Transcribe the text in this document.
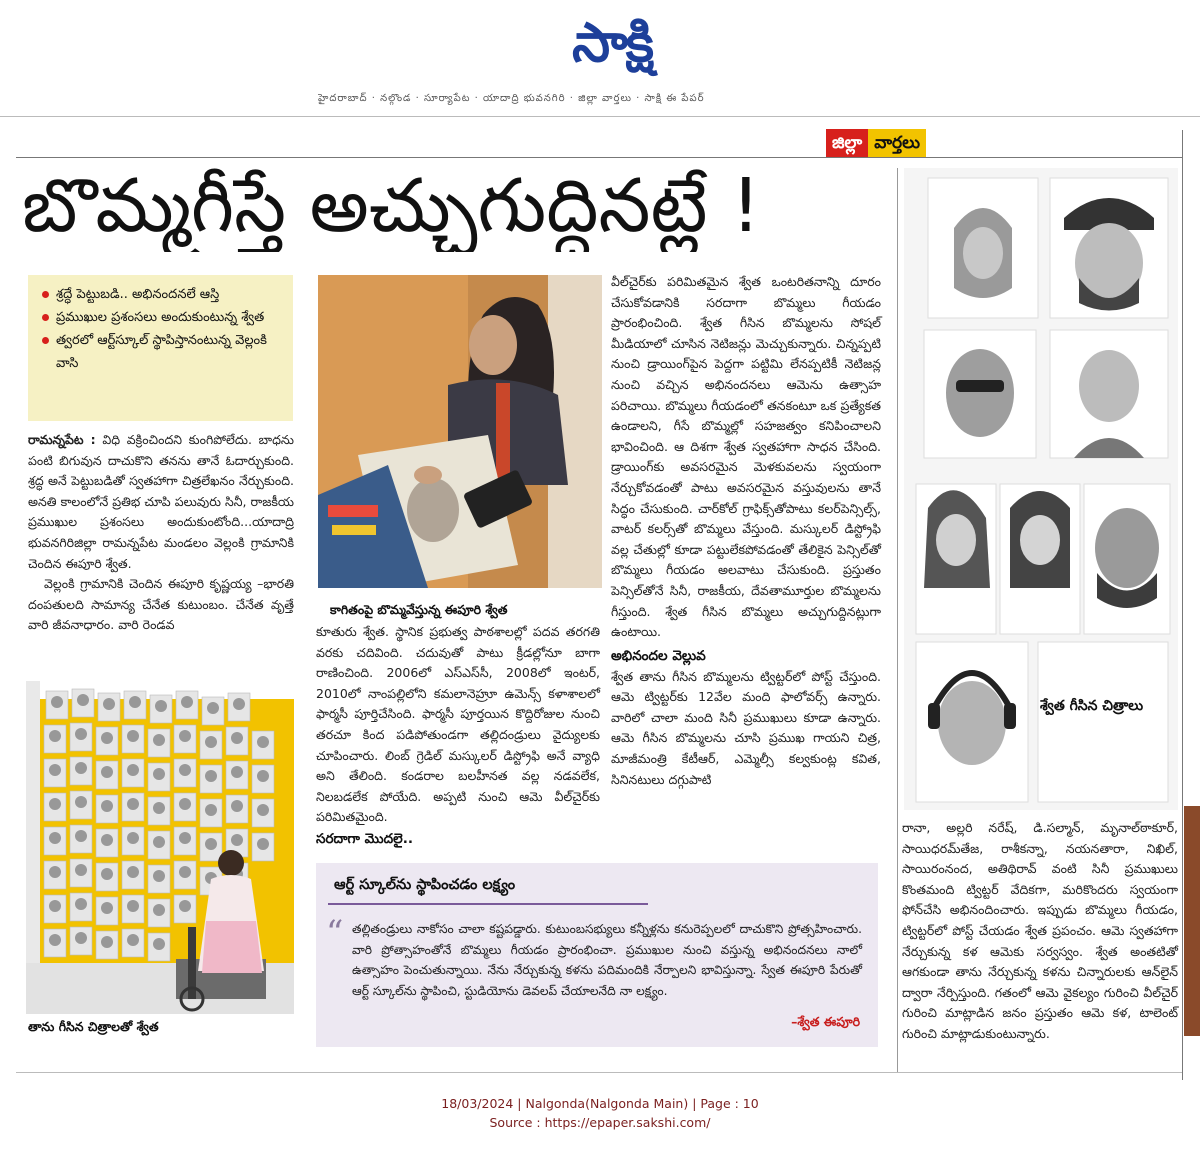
సాక్షి
హైదరాబాద్ · నల్గొండ · సూర్యాపేట · యాదాద్రి భువనగిరి · జిల్లా వార్తలు · సాక్షి ఈ పేపర్
జిల్లా వార్తలు
బొమ్మగీస్తే అచ్చుగుద్దినట్లే !
శ్రద్ధే పెట్టుబడి.. అభినందనలే ఆస్తి
ప్రముఖుల ప్రశంసలు అందుకుంటున్న శ్వేత
త్వరలో ఆర్ట్‌స్కూల్ స్థాపిస్తానంటున్న వెల్లంకి వాసి

రామన్నపేట : విధి వక్రించిందని కుంగిపోలేదు. బాధను పంటి బిగువున దాచుకొని తనను తానే ఓదార్చుకుంది. శ్రద్ధ అనే పెట్టుబడితో స్వతహాగా చిత్రలేఖనం నేర్చుకుంది. అనతి కాలంలోనే ప్రతిభ చూపి పలువురు సినీ, రాజకీయ ప్రముఖుల ప్రశంసలు అందుకుంటోంది...యాదాద్రి భువనగిరిజిల్లా రామన్నపేట మండలం వెల్లంకి గ్రామానికి చెందిన ఈపూరి శ్వేత.

వెల్లంకి గ్రామానికి చెందిన ఈపూరి కృష్ణయ్య –భారతి దంపతులది సామాన్య చేనేత కుటుంబం. చేనేత వృత్తే వారి జీవనాధారం. వారి రెండవ

తాను గీసిన చిత్రాలతో శ్వేత
కాగితంపై బొమ్మవేస్తున్న ఈపూరి శ్వేత

కూతురు శ్వేత. స్థానిక ప్రభుత్వ పాఠశాలల్లో పదవ తరగతి వరకు చదివింది. చదువుతో పాటు క్రీడల్లోనూ బాగా రాణించింది. 2006లో ఎస్ఎస్‌సీ, 2008లో ఇంటర్, 2010లో నాంపల్లిలోని కమలానెహ్రూ ఉమెన్స్ కళాశాలలో ఫార్మసీ పూర్తిచేసింది. ఫార్మసీ పూర్తయిన కొద్దిరోజుల నుంచి తరచూ కింద పడిపోతుండగా తల్లిదండ్రులు వైద్యులకు చూపించారు. లింబ్ గ్రెడిల్ మస్కులర్ డిస్ట్రోఫి అనే వ్యాధి అని తేలింది. కండరాల బలహీనత వల్ల నడవలేక, నిలబడలేక పోయేది. అప్పటి నుంచి ఆమె వీల్‌చైర్‌కు పరిమితమైంది.

సరదాగా మొదలై..

వీల్‌చైర్‌కు పరిమితమైన శ్వేత ఒంటరితనాన్ని దూరం చేసుకోవడానికి సరదాగా బొమ్మలు గీయడం ప్రారంభించింది. శ్వేత గీసిన బొమ్మలను సోషల్ మీడియాలో చూసిన నెటిజన్లు మెచ్చుకున్నారు. చిన్నప్పటి నుంచి డ్రాయింగ్‌పైన పెద్దగా పట్టిమి లేనప్పటికీ నెటిజన్ల నుంచి వచ్చిన అభినందనలు ఆమెను ఉత్సాహ పరిచాయి. బొమ్మలు గీయడంలో తనకంటూ ఒక ప్రత్యేకత ఉండాలని, గీసే బొమ్మల్లో సహజత్వం కనిపించాలని భావించింది. ఆ దిశగా శ్వేత స్వతహాగా సాధన చేసింది. డ్రాయింగ్‌కు అవసరమైన మెళకువలను స్వయంగా నేర్చుకోవడంతో పాటు అవసరమైన వస్తువులను తానే సిద్ధం చేసుకుంది. చార్‌కోల్ గ్రాఫిక్స్‌తోపాటు కలర్‌పెన్సిల్స్, వాటర్ కలర్స్‌తో బొమ్మలు వేస్తుంది. మస్కులర్ డిస్ట్రోఫి వల్ల చేతుల్లో కూడా పట్టులేకపోవడంతో తేలికైన పెన్సిల్‌తో బొమ్మలు గీయడం అలవాటు చేసుకుంది. ప్రస్తుతం పెన్సిల్‌తోనే సినీ, రాజకీయ, దేవతామూర్తుల బొమ్మలను గీస్తుంది. శ్వేత గీసిన బొమ్మలు అచ్చుగుద్దినట్లుగా ఉంటాయి.

అభినందల వెల్లువ

శ్వేత తాను గీసిన బొమ్మలను ట్విట్టర్‌లో పోస్ట్ చేస్తుంది. ఆమె ట్విట్టర్‌కు 12వేల మంది ఫాలోవర్స్ ఉన్నారు. వారిలో చాలా మంది సినీ ప్రముఖులు కూడా ఉన్నారు. ఆమె గీసిన బొమ్మలను చూసి ప్రముఖ గాయని చిత్ర, మాజీమంత్రి కేటీఆర్, ఎమ్మెల్సీ కల్వకుంట్ల కవిత, సినినటులు దగ్గుపాటి

ఆర్ట్ స్కూల్‌ను స్థాపించడం లక్ష్యం
“ తల్లితండ్రులు నాకోసం చాలా కష్టపడ్డారు. కుటుంబసభ్యులు కన్నీళ్లను కనురెప్పలలో దాచుకొని ప్రోత్సహించారు. వారి ప్రోత్సాహంతోనే బొమ్మలు గీయడం ప్రారంభించా. ప్రముఖుల నుంచి వస్తున్న అభినందనలు నాలో ఉత్సాహం పెంచుతున్నాయి. నేను నేర్చుకున్న కళను పదిమందికి నేర్పాలని భావిస్తున్నా. స్వేత ఈపూరి పేరుతో ఆర్ట్ స్కూల్‌ను స్థాపించి, స్టుడియోను డెవలప్ చేయాలనేది నా లక్ష్యం.
–శ్వేత ఈపూరి
శ్వేత గీసిన చిత్రాలు

రానా, అల్లరి నరేష్, డి.సల్మాన్, మృనాల్‌ఠాకూర్, సాయిధరమ్‌తేజ, రాశీకన్నా, నయనతారా, నిఖిల్, సాయిరంనంద, అతిథిరావ్ వంటి సినీ ప్రముఖులు కొంతమంది ట్విట్టర్ వేదికగా, మరికొందరు స్వయంగా ఫోన్‌చేసి అభినందించారు. ఇప్పుడు బొమ్మలు గీయడం, ట్విట్టర్‌లో పోస్ట్ చేయడం శ్వేత ప్రపంచం. ఆమె స్వతహాగా నేర్చుకున్న కళ ఆమెకు సర్వస్వం. శ్వేత అంతటితో ఆగకుండా తాను నేర్చుకున్న కళను చిన్నారులకు ఆన్‌లైన్ ద్వారా నేర్పిస్తుంది. గతంలో ఆమె వైకల్యం గురించి వీల్‌చైర్ గురించి మాట్లాడిన జనం ప్రస్తుతం ఆమె కళ, టాలెంట్ గురించి మాట్లాడుకుంటున్నారు.

18/03/2024 | Nalgonda(Nalgonda Main) | Page : 10
Source : https://epaper.sakshi.com/
